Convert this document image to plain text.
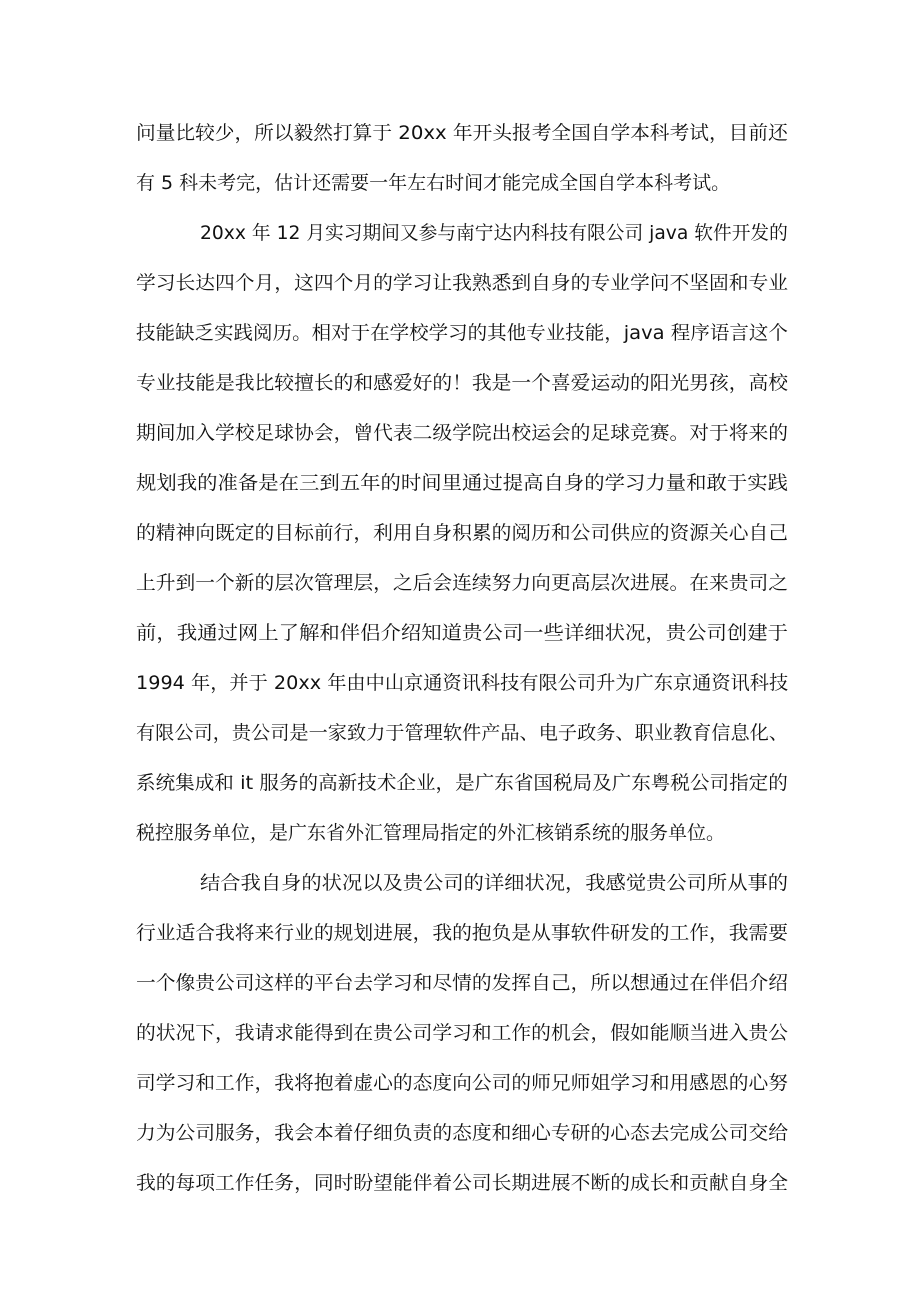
问量比较少，所以毅然打算于 20xx 年开头报考全国自学本科考试，目前还

有 5 科未考完，估计还需要一年左右时间才能完成全国自学本科考试。

20xx 年 12 月实习期间又参与南宁达内科技有限公司 java 软件开发的

学习长达四个月，这四个月的学习让我熟悉到自身的专业学问不坚固和专业

技能缺乏实践阅历。相对于在学校学习的其他专业技能，java 程序语言这个

专业技能是我比较擅长的和感爱好的！我是一个喜爱运动的阳光男孩，高校

期间加入学校足球协会，曾代表二级学院出校运会的足球竞赛。对于将来的

规划我的准备是在三到五年的时间里通过提高自身的学习力量和敢于实践

的精神向既定的目标前行，利用自身积累的阅历和公司供应的资源关心自己

上升到一个新的层次管理层，之后会连续努力向更高层次进展。在来贵司之

前，我通过网上了解和伴侣介绍知道贵公司一些详细状况，贵公司创建于

1994 年，并于 20xx 年由中山京通资讯科技有限公司升为广东京通资讯科技

有限公司，贵公司是一家致力于管理软件产品、电子政务、职业教育信息化、

系统集成和 it 服务的高新技术企业，是广东省国税局及广东粤税公司指定的

税控服务单位，是广东省外汇管理局指定的外汇核销系统的服务单位。

结合我自身的状况以及贵公司的详细状况，我感觉贵公司所从事的

行业适合我将来行业的规划进展，我的抱负是从事软件研发的工作，我需要

一个像贵公司这样的平台去学习和尽情的发挥自己，所以想通过在伴侣介绍

的状况下，我请求能得到在贵公司学习和工作的机会，假如能顺当进入贵公

司学习和工作，我将抱着虚心的态度向公司的师兄师姐学习和用感恩的心努

力为公司服务，我会本着仔细负责的态度和细心专研的心态去完成公司交给

我的每项工作任务，同时盼望能伴着公司长期进展不断的成长和贡献自身全
